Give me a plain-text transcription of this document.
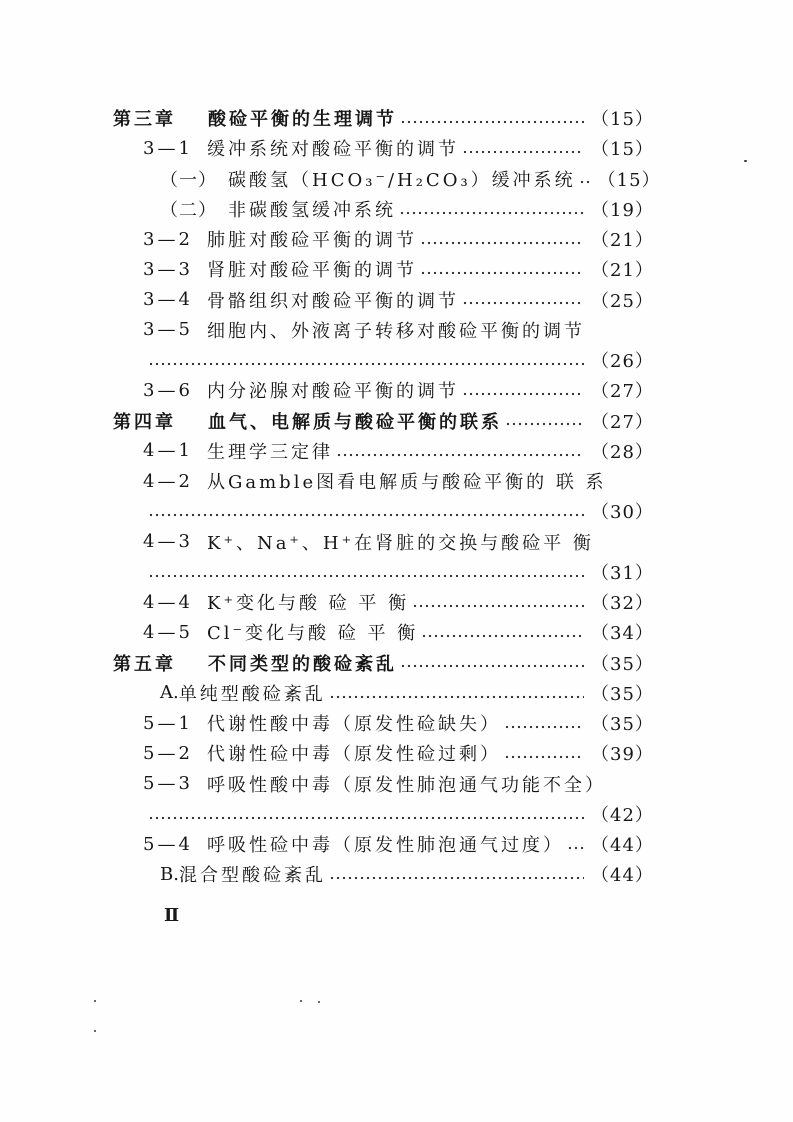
第三章	酸硷平衡的生理调节	（15）
3—1 缓冲系统对酸硷平衡的调节	（15）
（一） 碳酸氢（HCO₃⁻/H₂CO₃）缓冲系统 （15）
（二） 非碳酸氢缓冲系统	（19）
3—2 肺脏对酸硷平衡的调节	（21）
3—3 肾脏对酸硷平衡的调节	（21）
3—4 骨骼组织对酸硷平衡的调节	（25）
3—5 细胞内、外液离子转移对酸硷平衡的调节
（26）
3—6 内分泌腺对酸硷平衡的调节	（27）
第四章	血气、电解质与酸硷平衡的联系	（27）
4—1 生理学三定律	（28）
4—2 从Gamble图看电解质与酸硷平衡的 联 系
（30）
4—3 K⁺、Na⁺、H⁺在肾脏的交换与酸硷平 衡
（31）
4—4 K⁺变化与酸 硷 平 衡	（32）
4—5 Cl⁻变化与酸 硷 平 衡	（34）
第五章	不同类型的酸硷紊乱	（35）
A. 单纯型酸硷紊乱	（35）
5—1 代谢性酸中毒（原发性硷缺失）	（35）
5—2 代谢性硷中毒（原发性硷过剩）	（39）
5—3 呼吸性酸中毒（原发性肺泡通气功能不全）
（42）
5—4 呼吸性硷中毒（原发性肺泡通气过度） （44）
B. 混合型酸硷紊乱	（44）
Ⅱ
